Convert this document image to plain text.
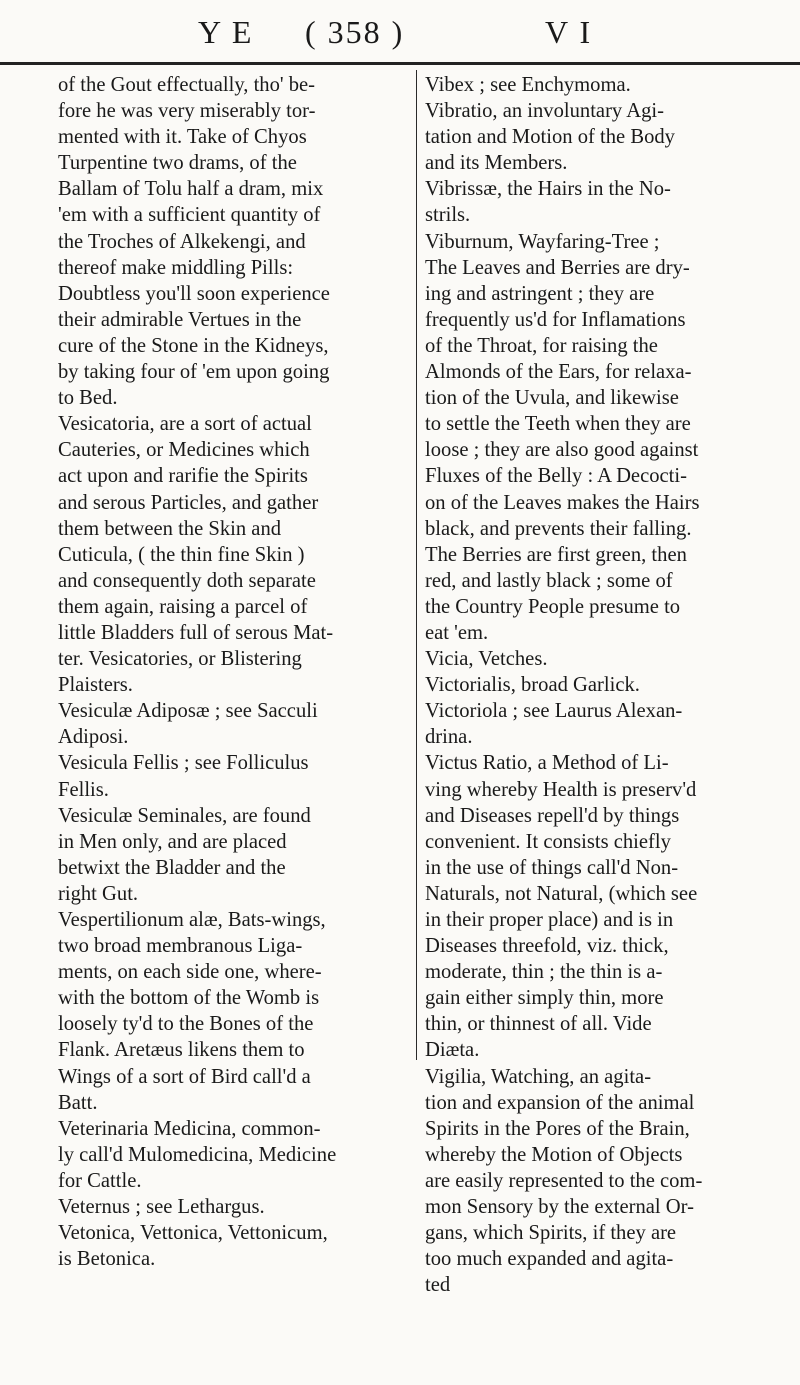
Y E ( 358 )	V I
of the Gout effectually, tho' be-
fore he was very miserably tor-
mented with it. Take of Chyos
Turpentine two drams, of the
Ballam of Tolu half a dram, mix
'em with a sufficient quantity of
the Troches of Alkekengi, and
thereof make middling Pills:
Doubtless you'll soon experience
their admirable Vertues in the
cure of the Stone in the Kidneys,
by taking four of 'em upon going
to Bed.
Vesicatoria, are a sort of actual
Cauteries, or Medicines which
act upon and rarifie the Spirits
and serous Particles, and gather
them between the Skin and
Cuticula, ( the thin fine Skin )
and consequently doth separate
them again, raising a parcel of
little Bladders full of serous Mat-
ter. Vesicatories, or Blistering
Plaisters.
Vesiculæ Adiposæ ; see Sacculi
Adiposi.
Vesicula Fellis ; see Folliculus
Fellis.
Vesiculæ Seminales, are found
in Men only, and are placed
betwixt the Bladder and the
right Gut.
Vespertilionum alæ, Bats-wings,
two broad membranous Liga-
ments, on each side one, where-
with the bottom of the Womb is
loosely ty'd to the Bones of the
Flank. Aretæus likens them to
Wings of a sort of Bird call'd a
Batt.
Veterinaria Medicina, common-
ly call'd Mulomedicina, Medicine
for Cattle.
Veternus ; see Lethargus.
Vetonica, Vettonica, Vettonicum,
is Betonica.
Vibex ; see Enchymoma.
Vibratio, an involuntary Agi-
tation and Motion of the Body
and its Members.
Vibrissæ, the Hairs in the No-
strils.
Viburnum, Wayfaring-Tree ;
The Leaves and Berries are dry-
ing and astringent ; they are
frequently us'd for Inflamations
of the Throat, for raising the
Almonds of the Ears, for relaxa-
tion of the Uvula, and likewise
to settle the Teeth when they are
loose ; they are also good against
Fluxes of the Belly : A Decocti-
on of the Leaves makes the Hairs
black, and prevents their falling.
The Berries are first green, then
red, and lastly black ; some of
the Country People presume to
eat 'em.
Vicia, Vetches.
Victorialis, broad Garlick.
Victoriola ; see Laurus Alexan-
drina.
Victus Ratio, a Method of Li-
ving whereby Health is preserv'd
and Diseases repell'd by things
convenient. It consists chiefly
in the use of things call'd Non-
Naturals, not Natural, (which see
in their proper place) and is in
Diseases threefold, viz. thick,
moderate, thin ; the thin is a-
gain either simply thin, more
thin, or thinnest of all. Vide
Diæta.
Vigilia, Watching, an agita-
tion and expansion of the animal
Spirits in the Pores of the Brain,
whereby the Motion of Objects
are easily represented to the com-
mon Sensory by the external Or-
gans, which Spirits, if they are
too much expanded and agita-
ted
